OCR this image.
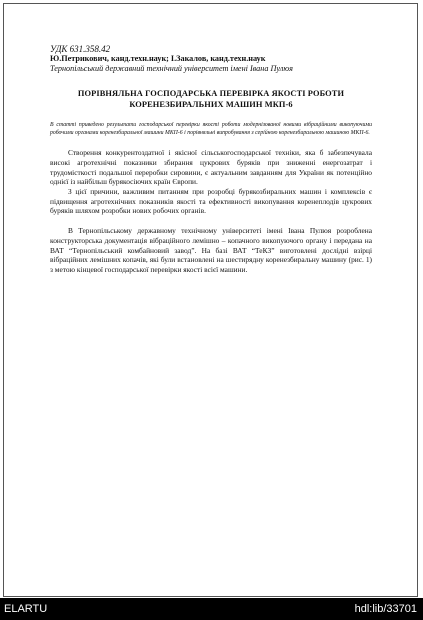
УДК 631.358.42
Ю.Петрикович, канд.техн.наук; І.Закалов, канд.техн.наук
Тернопільський державний технічний університет імені Івана Пулюя
ПОРІВНЯЛЬНА ГОСПОДАРСЬКА ПЕРЕВІРКА ЯКОСТІ РОБОТИ КОРЕНЕЗБИРАЛЬНИХ МАШИН МКП-6

В статті приведено результати господарської перевірки якості роботи модернізованої новими вібраційними викопуючими робочими органами коренезбиральної машини МКП-6 і порівняльні випробування з серійною коренезбиральною машиною МКП-6.

Створення конкурентоздатної і якісної сільськогосподарської техніки, яка б забезпечувала високі агротехнічні показники збирання цукрових буряків при зниженні енергозатрат і трудомісткості подальшої переробки сировини, є актуальним завданням для України як потенційно однієї із найбільш бурякосіючих країн Європи.

З цієї причини, важливим питанням при розробці бурякозбиральних машин і комплексів є підвищення агротехнічних показників якості та ефективності викопування коренеплодів цукрових буряків шляхом розробки нових робочих органів.

В Тернопільському державному технічному університеті імені Івана Пулюя розроблена конструкторська документація вібраційного лемішно – копачного викопуючого органу і передана на ВАТ “Тернопільський комбайновий завод”. На базі ВАТ “ТеКЗ” виготовлені дослідні взірці вібраційних лемішних копачів, які були встановлені на шестирядну коренезбиральну машину (рис. 1) з метою кінцевої господарської перевірки якості всієї машини.

ELARTU	hdl:lib/33701
